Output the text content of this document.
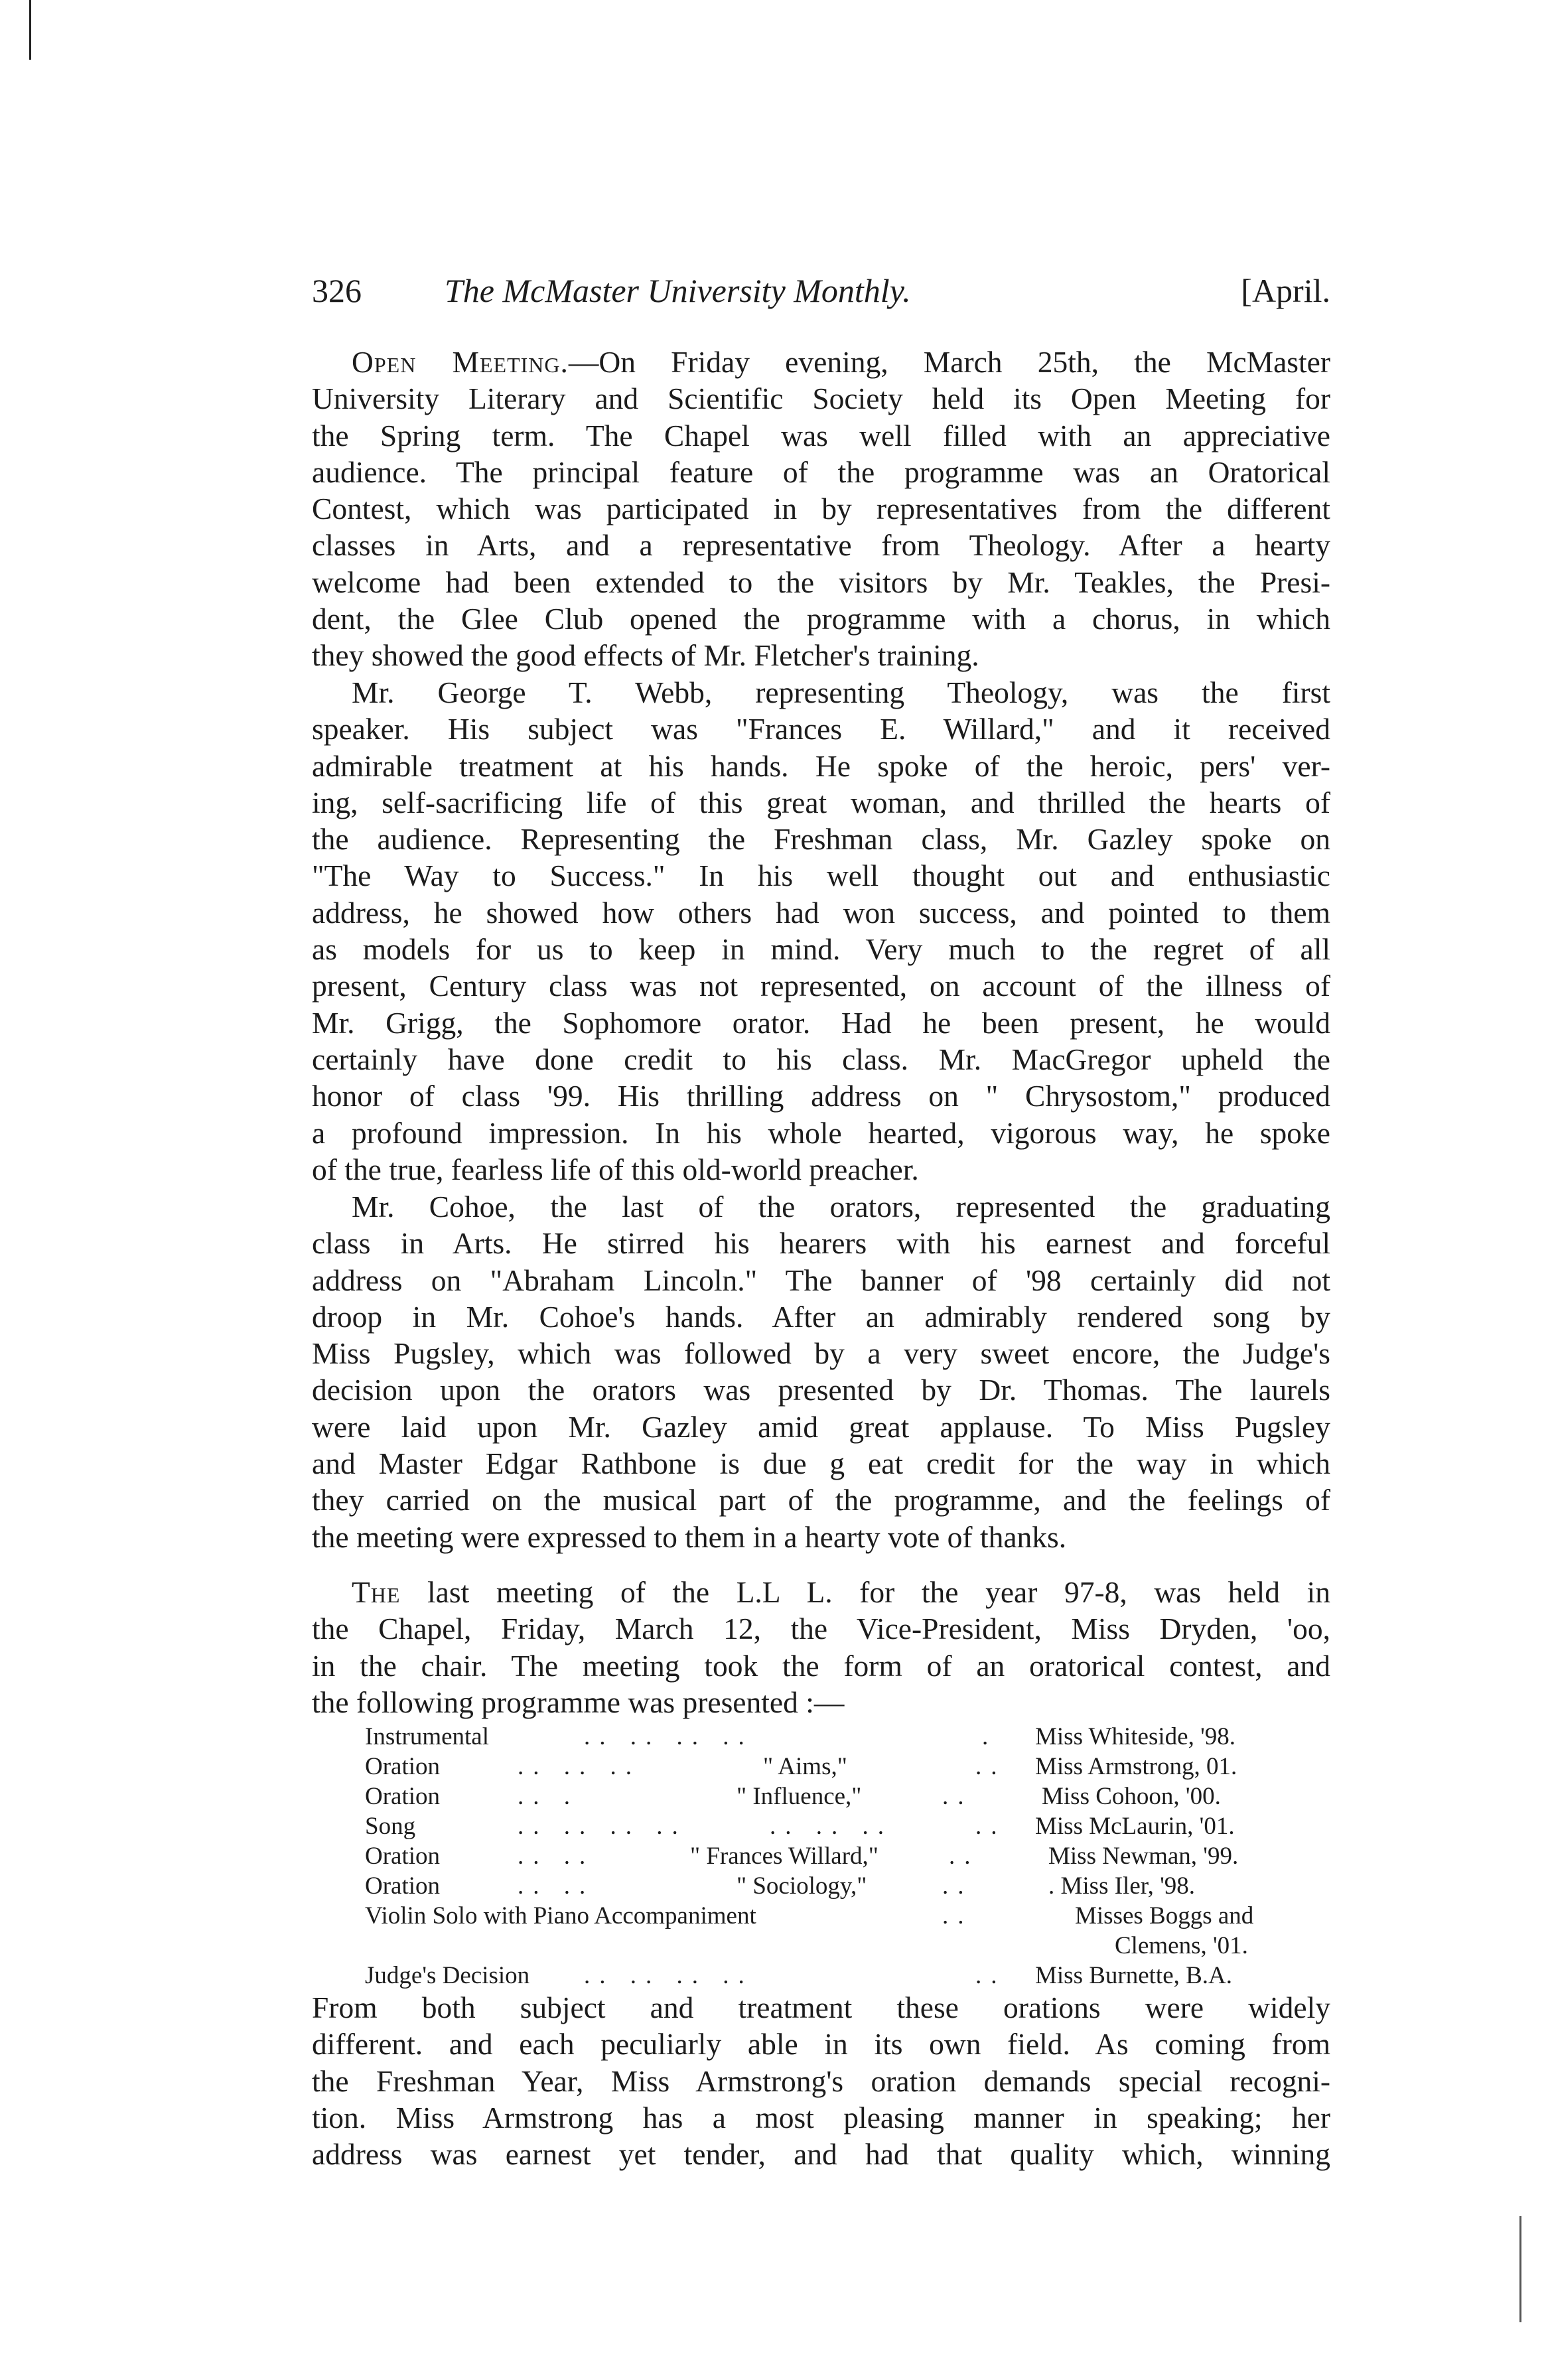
326	The McMaster University Monthly.	[April.
Open Meeting.—On Friday evening, March 25th, the McMaster
University Literary and Scientific Society held its Open Meeting for
the Spring term. The Chapel was well filled with an appreciative
audience. The principal feature of the programme was an Oratorical
Contest, which was participated in by representatives from the different
classes in Arts, and a representative from Theology. After a hearty
welcome had been extended to the visitors by Mr. Teakles, the Presi-
dent, the Glee Club opened the programme with a chorus, in which
they showed the good effects of Mr. Fletcher's training.
Mr. George T. Webb, representing Theology, was the first
speaker. His subject was "Frances E. Willard," and it received
admirable treatment at his hands. He spoke of the heroic, pers' ver-
ing, self-sacrificing life of this great woman, and thrilled the hearts of
the audience. Representing the Freshman class, Mr. Gazley spoke on
"The Way to Success." In his well thought out and enthusiastic
address, he showed how others had won success, and pointed to them
as models for us to keep in mind. Very much to the regret of all
present, Century class was not represented, on account of the illness of
Mr. Grigg, the Sophomore orator. Had he been present, he would
certainly have done credit to his class. Mr. MacGregor upheld the
honor of class '99. His thrilling address on " Chrysostom," produced
a profound impression. In his whole hearted, vigorous way, he spoke
of the true, fearless life of this old-world preacher.
Mr. Cohoe, the last of the orators, represented the graduating
class in Arts. He stirred his hearers with his earnest and forceful
address on "Abraham Lincoln." The banner of '98 certainly did not
droop in Mr. Cohoe's hands. After an admirably rendered song by
Miss Pugsley, which was followed by a very sweet encore, the Judge's
decision upon the orators was presented by Dr. Thomas. The laurels
were laid upon Mr. Gazley amid great applause. To Miss Pugsley
and Master Edgar Rathbone is due g eat credit for the way in which
they carried on the musical part of the programme, and the feelings of
the meeting were expressed to them in a hearty vote of thanks.
The last meeting of the L.L L. for the year 97-8, was held in
the Chapel, Friday, March 12, the Vice-President, Miss Dryden, 'oo,
in the chair. The meeting took the form of an oratorical contest, and
the following programme was presented :—
Instrumental	.. .. .. ..	. Miss Whiteside, '98.
Oration	.. .. ..	" Aims,"	.. Miss Armstrong, 01.
Oration	.. .	" Influence,"	..	Miss Cohoon, '00.
Song	.. .. .. ..	.. .. ..	.. Miss McLaurin, '01.
Oration	.. ..	" Frances Willard,"	..	Miss Newman, '99.
Oration	.. ..	" Sociology,"	..	. Miss Iler, '98.
Violin Solo with Piano Accompaniment	..	Misses Boggs and
Clemens, '01.
Judge's Decision .. .. .. ..	.. Miss Burnette, B.A.
From both subject and treatment these orations were widely
different. and each peculiarly able in its own field. As coming from
the Freshman Year, Miss Armstrong's oration demands special recogni-
tion. Miss Armstrong has a most pleasing manner in speaking; her
address was earnest yet tender, and had that quality which, winning
